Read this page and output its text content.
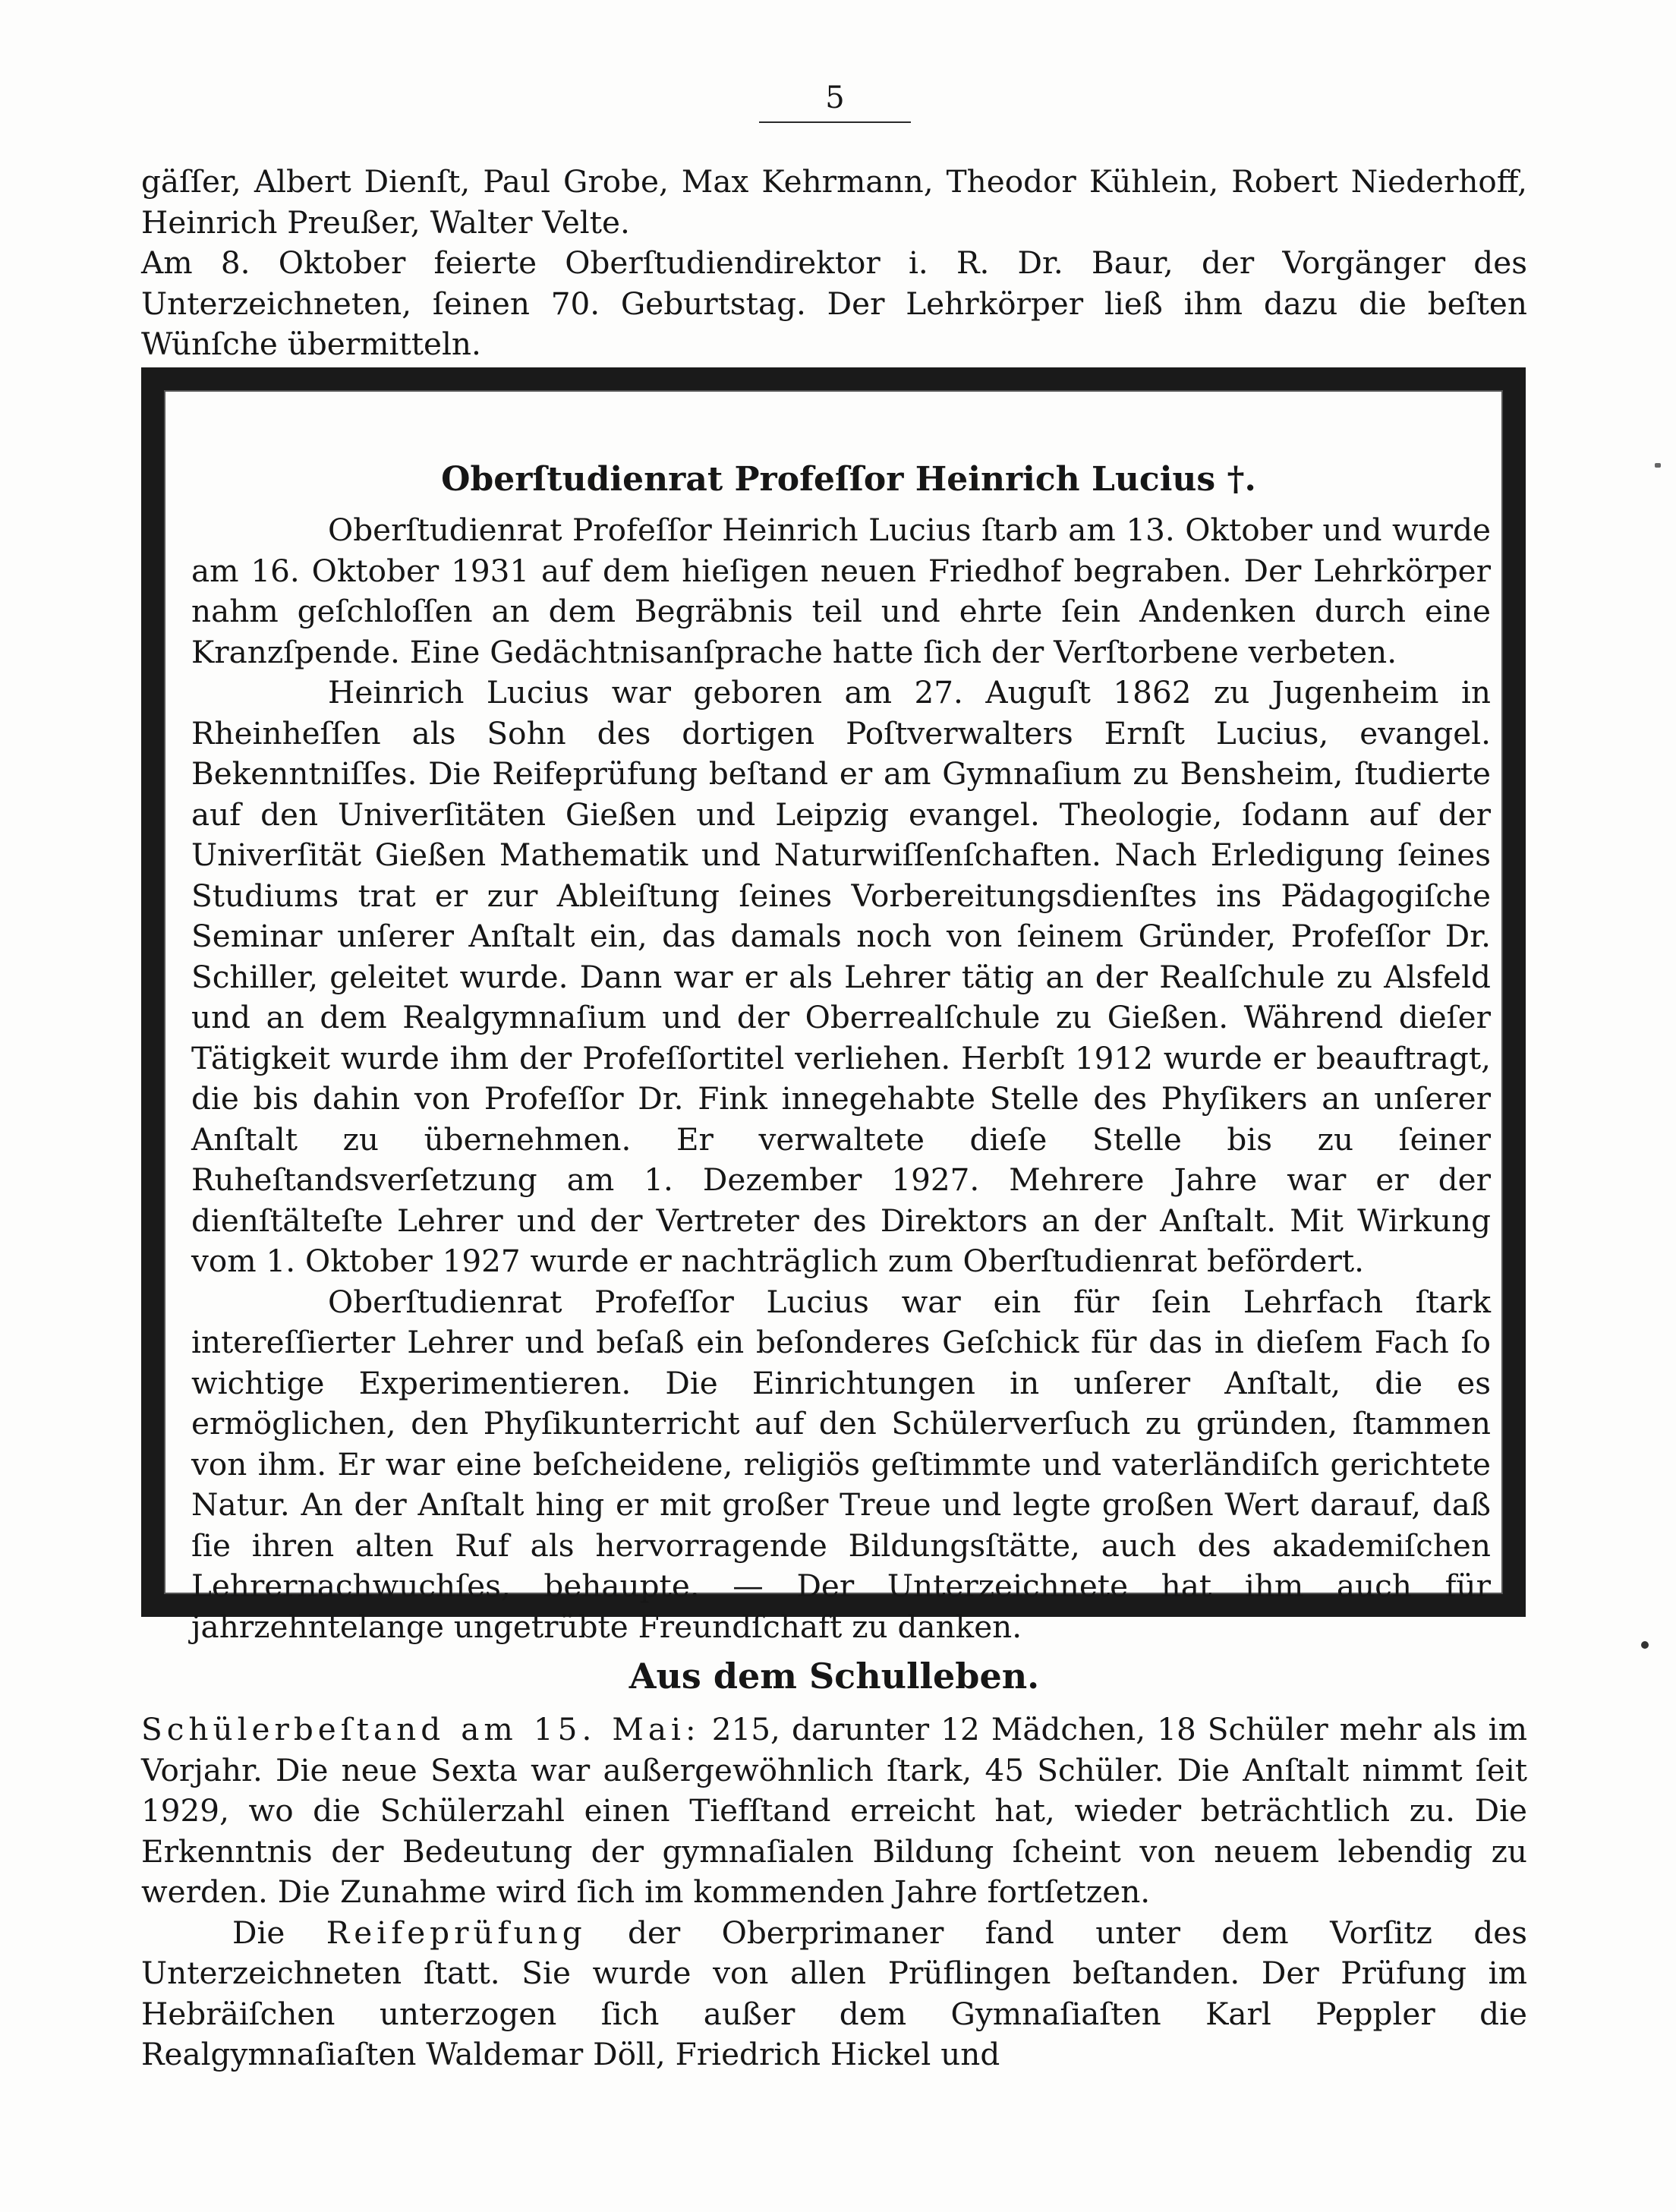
5

gäſſer, Albert Dienſt, Paul Grobe, Max Kehrmann, Theodor Kühlein, Robert Niederhoff, Heinrich Preußer, Walter Velte.

Am 8. Oktober feierte Oberſtudiendirektor i. R. Dr. Baur, der Vorgänger des Unterzeichneten, ſeinen 70. Geburtstag. Der Lehrkörper ließ ihm dazu die beſten Wünſche übermitteln.

Oberſtudienrat Profeſſor Heinrich Lucius †.

Oberſtudienrat Profeſſor Heinrich Lucius ſtarb am 13. Oktober und wurde am 16. Oktober 1931 auf dem hieſigen neuen Friedhof begraben. Der Lehrkörper nahm geſchloſſen an dem Begräbnis teil und ehrte ſein Andenken durch eine Kranzſpende. Eine Gedächtnisanſprache hatte ſich der Verſtorbene verbeten.

Heinrich Lucius war geboren am 27. Auguſt 1862 zu Jugenheim in Rheinheſſen als Sohn des dortigen Poſtverwalters Ernſt Lucius, evangel. Bekenntniſſes. Die Reifeprüfung beſtand er am Gymnaſium zu Bensheim, ſtudierte auf den Univerſitäten Gießen und Leipzig evangel. Theologie, ſodann auf der Univerſität Gießen Mathematik und Naturwiſſenſchaften. Nach Erledigung ſeines Studiums trat er zur Ableiſtung ſeines Vorbereitungsdienſtes ins Pädagogiſche Seminar unſerer Anſtalt ein, das damals noch von ſeinem Gründer, Profeſſor Dr. Schiller, geleitet wurde. Dann war er als Lehrer tätig an der Realſchule zu Alsfeld und an dem Realgymnaſium und der Oberrealſchule zu Gießen. Während dieſer Tätigkeit wurde ihm der Profeſſortitel verliehen. Herbſt 1912 wurde er beauftragt, die bis dahin von Profeſſor Dr. Fink innegehabte Stelle des Phyſikers an unſerer Anſtalt zu übernehmen. Er verwaltete dieſe Stelle bis zu ſeiner Ruheſtandsverſetzung am 1. Dezember 1927. Mehrere Jahre war er der dienſtälteſte Lehrer und der Vertreter des Direktors an der Anſtalt. Mit Wirkung vom 1. Oktober 1927 wurde er nachträglich zum Oberſtudienrat befördert.

Oberſtudienrat Profeſſor Lucius war ein für ſein Lehrfach ſtark intereſſierter Lehrer und beſaß ein beſonderes Geſchick für das in dieſem Fach ſo wichtige Experimentieren. Die Einrichtungen in unſerer Anſtalt, die es ermöglichen, den Phyſikunterricht auf den Schülerverſuch zu gründen, ſtammen von ihm. Er war eine beſcheidene, religiös geſtimmte und vaterländiſch gerichtete Natur. An der Anſtalt hing er mit großer Treue und legte großen Wert darauf, daß ſie ihren alten Ruf als hervorragende Bildungsſtätte, auch des akademiſchen Lehrernachwuchſes, behaupte. — Der Unterzeichnete hat ihm auch für jahrzehntelange ungetrübte Freundſchaft zu danken.

Aus dem Schulleben.

Schülerbeſtand am 15. Mai: 215, darunter 12 Mädchen, 18 Schüler mehr als im Vorjahr. Die neue Sexta war außergewöhnlich ſtark, 45 Schüler. Die Anſtalt nimmt ſeit 1929, wo die Schülerzahl einen Tiefſtand erreicht hat, wieder beträchtlich zu. Die Erkenntnis der Bedeutung der gymnaſialen Bildung ſcheint von neuem lebendig zu werden. Die Zunahme wird ſich im kommenden Jahre fortſetzen.

Die Reifeprüfung der Oberprimaner fand unter dem Vorſitz des Unterzeichneten ſtatt. Sie wurde von allen Prüflingen beſtanden. Der Prüfung im Hebräiſchen unterzogen ſich außer dem Gymnaſiaſten Karl Peppler die Realgymnaſiaſten Waldemar Döll, Friedrich Hickel und
